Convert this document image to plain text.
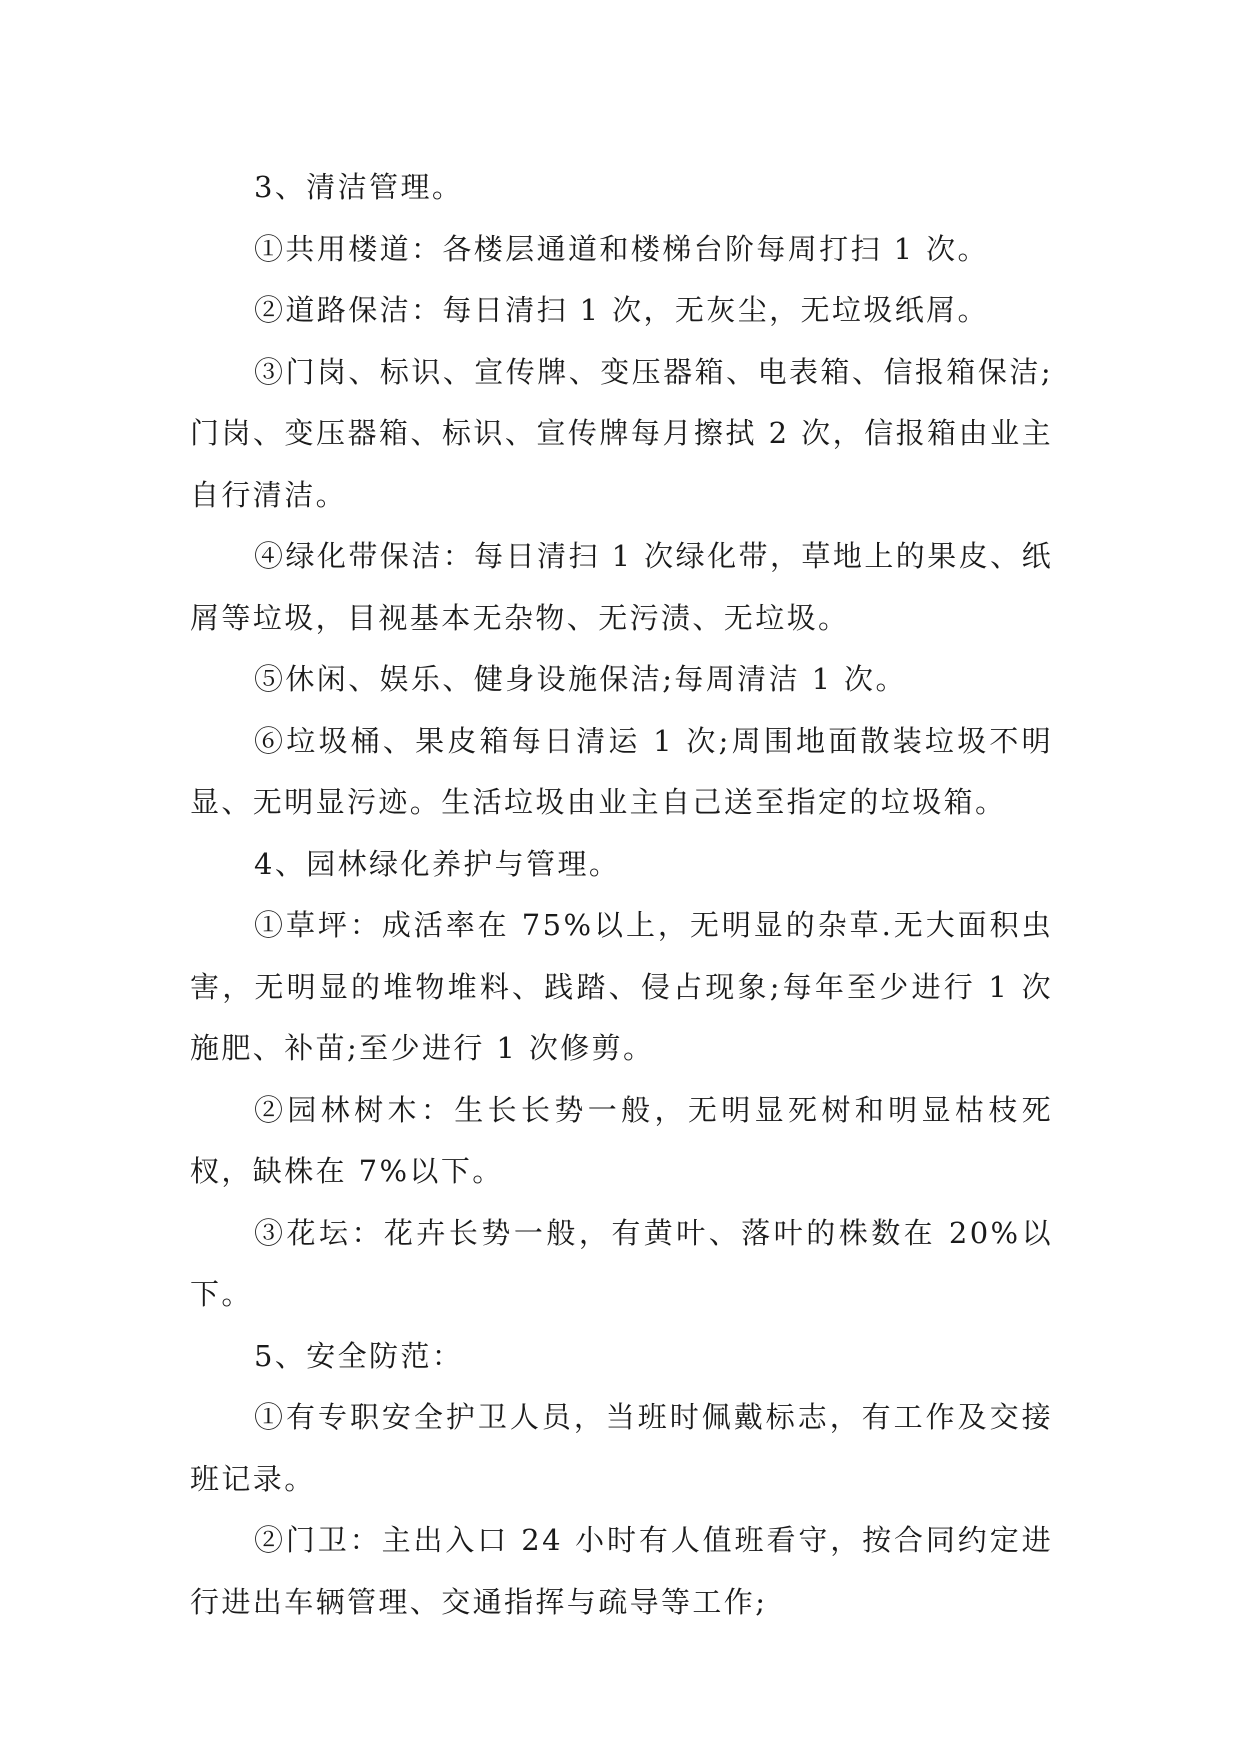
3、清洁管理。

①共用楼道：各楼层通道和楼梯台阶每周打扫 1 次。

②道路保洁：每日清扫 1 次，无灰尘，无垃圾纸屑。

③门岗、标识、宣传牌、变压器箱、电表箱、信报箱保洁;门岗、变压器箱、标识、宣传牌每月擦拭 2 次，信报箱由业主自行清洁。

④绿化带保洁：每日清扫 1 次绿化带，草地上的果皮、纸屑等垃圾，目视基本无杂物、无污渍、无垃圾。

⑤休闲、娱乐、健身设施保洁;每周清洁 1 次。

⑥垃圾桶、果皮箱每日清运 1 次;周围地面散装垃圾不明显、无明显污迹。生活垃圾由业主自己送至指定的垃圾箱。

4、园林绿化养护与管理。

①草坪：成活率在 75%以上，无明显的杂草.无大面积虫害，无明显的堆物堆料、践踏、侵占现象;每年至少进行 1 次施肥、补苗;至少进行 1 次修剪。

②园林树木：生长长势一般，无明显死树和明显枯枝死杈，缺株在 7%以下。

③花坛：花卉长势一般，有黄叶、落叶的株数在 20%以下。

5、安全防范：

①有专职安全护卫人员，当班时佩戴标志，有工作及交接班记录。

②门卫：主出入口 24 小时有人值班看守，按合同约定进行进出车辆管理、交通指挥与疏导等工作;
